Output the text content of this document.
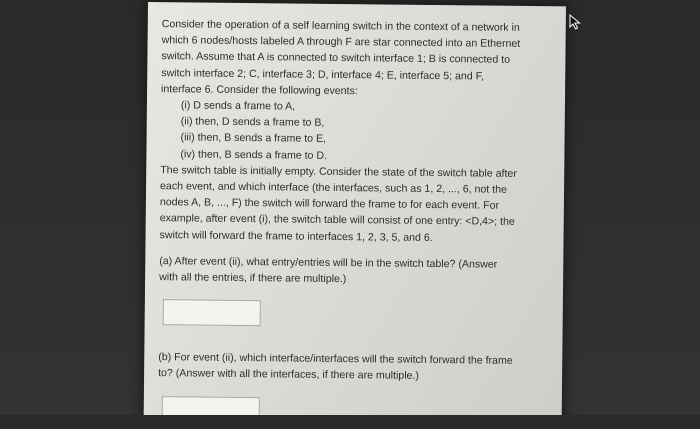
Consider the operation of a self learning switch in the context of a network in
which 6 nodes/hosts labeled A through F are star connected into an Ethernet
switch. Assume that A is connected to switch interface 1; B is connected to
switch interface 2; C, interface 3; D, interface 4; E, interface 5; and F,
interface 6. Consider the following events:
(i) D sends a frame to A,
(ii) then, D sends a frame to B,
(iii) then, B sends a frame to E,
(iv) then, B sends a frame to D.
The switch table is initially empty. Consider the state of the switch table after
each event, and which interface (the interfaces, such as 1, 2, ..., 6, not the
nodes A, B, ..., F) the switch will forward the frame to for each event. For
example, after event (i), the switch table will consist of one entry: <D,4>; the
switch will forward the frame to interfaces 1, 2, 3, 5, and 6.
(a) After event (ii), what entry/entries will be in the switch table? (Answer
with all the entries, if there are multiple.)
(b) For event (ii), which interface/interfaces will the switch forward the frame
to? (Answer with all the interfaces, if there are multiple.)
